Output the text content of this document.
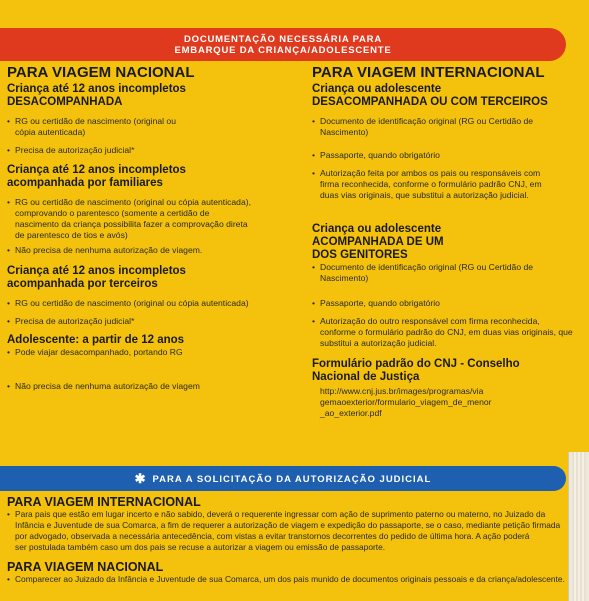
DOCUMENTAÇÃO NECESSÁRIA PARA
EMBARQUE DA CRIANÇA/ADOLESCENTE
PARA VIAGEM NACIONAL
Criança até 12 anos incompletos
DESACOMPANHADA
• RG ou certidão de nascimento (original ou
cópia autenticada)
• Precisa de autorização judicial*
Criança até 12 anos incompletos
acompanhada por familiares
• RG ou certidão de nascimento (original ou cópia autenticada),
comprovando o parentesco (somente a certidão de
nascimento da criança possibilita fazer a comprovação direta
de parentesco de tios e avós)
• Não precisa de nenhuma autorização de viagem.
Criança até 12 anos incompletos
acompanhada por terceiros
• RG ou certidão de nascimento (original ou cópia autenticada)
• Precisa de autorização judicial*
Adolescente: a partir de 12 anos
• Pode viajar desacompanhado, portando RG
• Não precisa de nenhuma autorização de viagem
PARA VIAGEM INTERNACIONAL
Criança ou adolescente
DESACOMPANHADA OU COM TERCEIROS
• Documento de identificação original (RG ou Certidão de Nascimento)
• Passaporte, quando obrigatório
• Autorização feita por ambos os pais ou responsáveis com
firma reconhecida, conforme o formulário padrão CNJ, em
duas vias originais, que substitui a autorização judicial.
Criança ou adolescente
ACOMPANHADA DE UM
DOS GENITORES
• Documento de identificação original (RG ou Certidão de Nascimento)
• Passaporte, quando obrigatório
• Autorização do outro responsável com firma reconhecida,
conforme o formulário padrão do CNJ, em duas vias originais, que
substitui a autorização judicial.
Formulário padrão do CNJ - Conselho
Nacional de Justiça
http://www.cnj.jus.br/images/programas/via
gemaoexterior/formulario_viagem_de_menor
_ao_exterior.pdf
✱ PARA A SOLICITAÇÃO DA AUTORIZAÇÃO JUDICIAL
PARA VIAGEM INTERNACIONAL
• Para pais que estão em lugar incerto e não sabido, deverá o requerente ingressar com ação de suprimento paterno ou materno, no Juizado da
Infância e Juventude de sua Comarca, a fim de requerer a autorização de viagem e expedição do passaporte, se o caso, mediante petição firmada
por advogado, observada a necessária antecedência, com vistas a evitar transtornos decorrentes do pedido de última hora. A ação poderá
ser postulada também caso um dos pais se recuse a autorizar a viagem ou emissão de passaporte.
PARA VIAGEM NACIONAL
• Comparecer ao Juizado da Infância e Juventude de sua Comarca, um dos pais munido de documentos originais pessoais e da criança/adolescente.
